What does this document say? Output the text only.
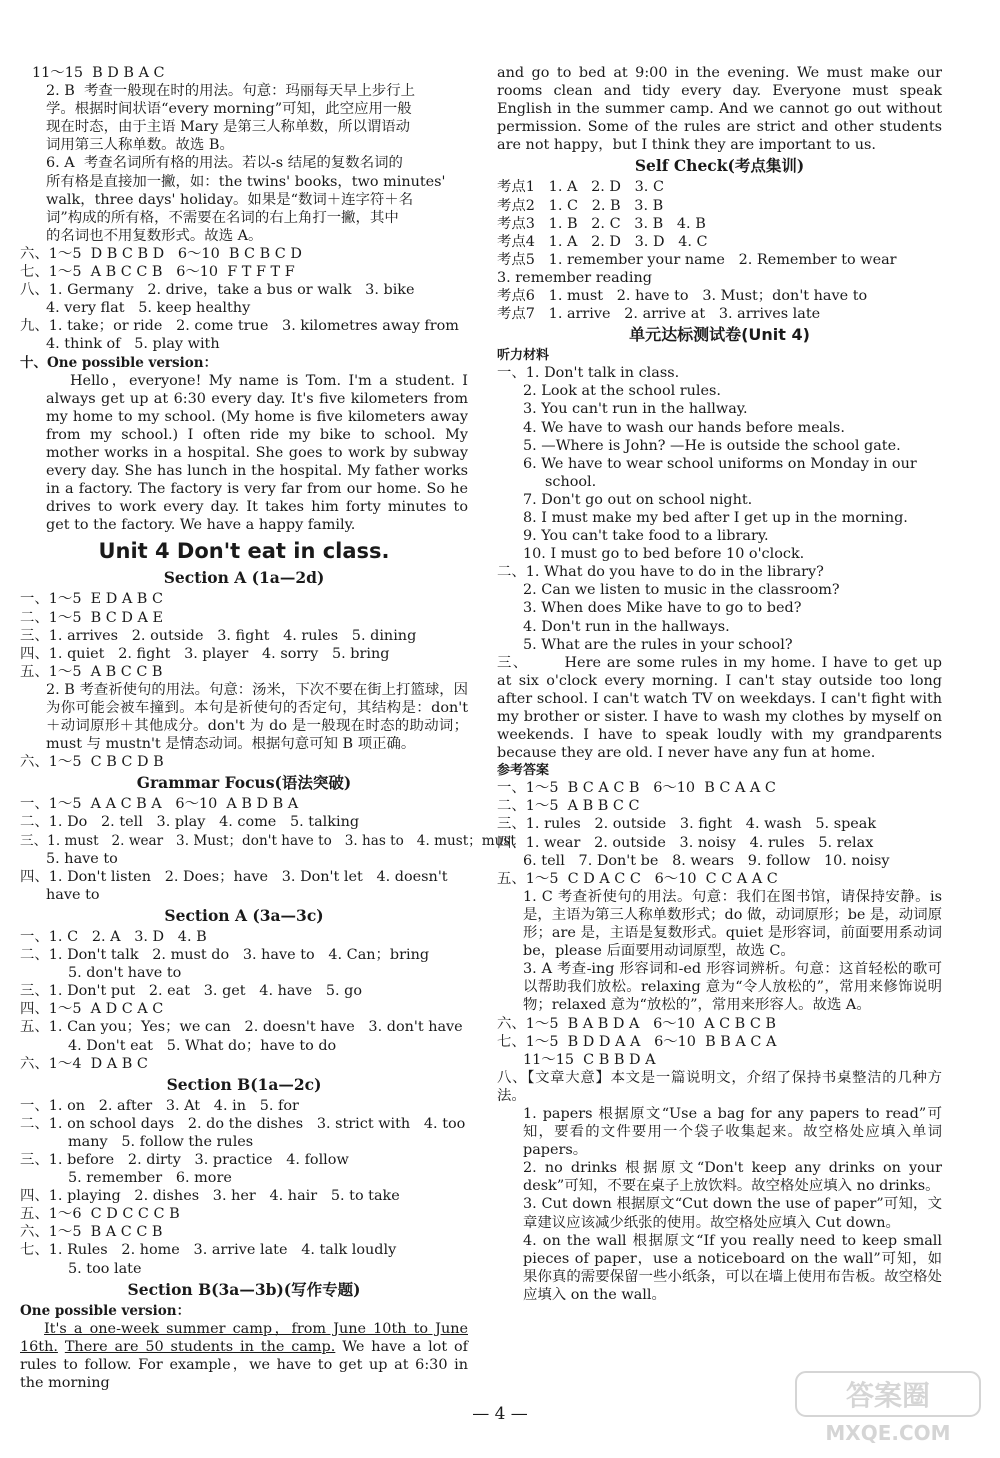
11～15  B D B A C
2. B  考查一般现在时的用法。句意：玛丽每天早上步行上
学。根据时间状语“every morning”可知，此空应用一般
现在时态，由于主语 Mary 是第三人称单数，所以谓语动
词用第三人称单数。故选 B。
6. A  考查名词所有格的用法。若以-s 结尾的复数名词的
所有格是直接加一撇，如：the twins' books，two minutes'
walk，three days' holiday。如果是“数词＋连字符＋名
词”构成的所有格，不需要在名词的右上角打一撇，其中
的名词也不用复数形式。故选 A。
六、1～5  D B C B D   6～10  B C B C D
七、1～5  A B C C B   6～10  F T F T F
八、1. Germany   2. drive，take a bus or walk   3. bike
4. very flat   5. keep healthy
九、1. take；or ride   2. come true   3. kilometres away from
4. think of   5. play with
十、One possible version：
Hello，everyone! My name is Tom. I'm a student. I always get up at 6:30 every day. It's five kilometers from my home to my school. (My home is five kilometers away from my school.) I often ride my bike to school. My mother works in a hospital. She goes to work by subway every day. She has lunch in the hospital. My father works in a factory. The factory is very far from our home. So he drives to work every day. It takes him forty minutes to get to the factory. We have a happy family.
Unit 4 Don't eat in class.
Section A (1a—2d)
一、1～5  E D A B C
二、1～5  B C D A E
三、1. arrives   2. outside   3. fight   4. rules   5. dining
四、1. quiet   2. fight   3. player   4. sorry   5. bring
五、1～5  A B C C B
2. B 考查祈使句的用法。句意：汤米，下次不要在街上打篮球，因为你可能会被车撞到。本句是祈使句的否定句，其结构是：don't＋动词原形＋其他成分。don't 为 do 是一般现在时态的助动词；must 与 mustn't 是情态动词。根据句意可知 B 项正确。
六、1～5  C B C D B
Grammar Focus(语法突破)
一、1～5  A A C B A   6～10  A B D B A
二、1. Do   2. tell   3. play   4. come   5. talking
三、1. must   2. wear   3. Must；don't have to   3. has to   4. must；must
5. have to
四、1. Don't listen   2. Does；have   3. Don't let   4. doesn't
have to
Section A (3a—3c)
一、1. C   2. A   3. D   4. B
二、1. Don't talk   2. must do   3. have to   4. Can；bring
5. don't have to
三、1. Don't put   2. eat   3. get   4. have   5. go
四、1～5  A D C A C
五、1. Can you；Yes；we can   2. doesn't have   3. don't have
4. Don't eat   5. What do；have to do
六、1～4  D A B C
Section B(1a—2c)
一、1. on   2. after   3. At   4. in   5. for
二、1. on school days   2. do the dishes   3. strict with   4. too
many   5. follow the rules
三、1. before   2. dirty   3. practice   4. follow
5. remember   6. more
四、1. playing   2. dishes   3. her   4. hair   5. to take
五、1～6  C D C C C B
六、1～5  B A C C B
七、1. Rules   2. home   3. arrive late   4. talk loudly
5. too late
Section B(3a—3b)(写作专题)
One possible version：
It's a one-week summer camp，from June 10th to June 16th. There are 50 students in the camp. We have a lot of rules to follow. For example，we have to get up at 6:30 in the morning
and go to bed at 9:00 in the evening. We must make our rooms clean and tidy every day. Everyone must speak English in the summer camp. And we cannot go out without permission. Some of the rules are strict and other students are not happy，but I think they are important to us.
Self Check(考点集训)
考点1   1. A   2. D   3. C
考点2   1. C   2. B   3. B
考点3   1. B   2. C   3. B   4. B
考点4   1. A   2. D   3. D   4. C
考点5   1. remember your name   2. Remember to wear
3. remember reading
考点6   1. must   2. have to   3. Must；don't have to
考点7   1. arrive   2. arrive at   3. arrives late
单元达标测试卷(Unit 4)
听力材料
一、1. Don't talk in class.
2. Look at the school rules.
3. You can't run in the hallway.
4. We have to wash our hands before meals.
5. —Where is John? —He is outside the school gate.
6. We have to wear school uniforms on Monday in our
school.
7. Don't go out on school night.
8. I must make my bed after I get up in the morning.
9. You can't take food to a library.
10. I must go to bed before 10 o'clock.
二、1. What do you have to do in the library?
2. Can we listen to music in the classroom?
3. When does Mike have to go to bed?
4. Don't run in the hallways.
5. What are the rules in your school?
三、	Here are some rules in my home. I have to get up at six o'clock every morning. I can't stay outside too long after school. I can't watch TV on weekdays. I can't fight with my brother or sister. I have to wash my clothes by myself on weekends. I have to speak loudly with my grandparents because they are old. I never have any fun at home.
参考答案
一、1～5  B C A C B   6～10  B C A A C
二、1～5  A B B C C
三、1. rules   2. outside   3. fight   4. wash   5. speak
四、1. wear   2. outside   3. noisy   4. rules   5. relax
6. tell   7. Don't be   8. wears   9. follow   10. noisy
五、1～5  C D A C C   6～10  C C A A C
1. C 考查祈使句的用法。句意：我们在图书馆，请保持安静。is 是，主语为第三人称单数形式；do 做，动词原形；be 是，动词原形；are 是，主语是复数形式。quiet 是形容词，前面要用系动词 be，please 后面要用动词原型，故选 C。
3. A 考查-ing 形容词和-ed 形容词辨析。句意：这首轻松的歌可以帮助我们放松。relaxing 意为“令人放松的”，常用来修饰说明物；relaxed 意为“放松的”，常用来形容人。故选 A。
六、1～5  B A B D A   6～10  A C B C B
七、1～5  B D D A A   6～10  B B A C A
11～15  C B B D A
八、【文章大意】本文是一篇说明文，介绍了保持书桌整洁的几种方法。
1. papers 根据原文“Use a bag for any papers to read”可知，要看的文件要用一个袋子收集起来。故空格处应填入单词 papers。
2. no drinks 根据原文“Don't keep any drinks on your desk”可知，不要在桌子上放饮料。故空格处应填入 no drinks。
3. Cut down 根据原文“Cut down the use of paper”可知，文章建议应该减少纸张的使用。故空格处应填入 Cut down。
4. on the wall 根据原文“If you really need to keep small pieces of paper，use a noticeboard on the wall”可知，如果你真的需要保留一些小纸条，可以在墙上使用布告板。故空格处应填入 on the wall。
— 4 —
答案圈
MXQE.COM
